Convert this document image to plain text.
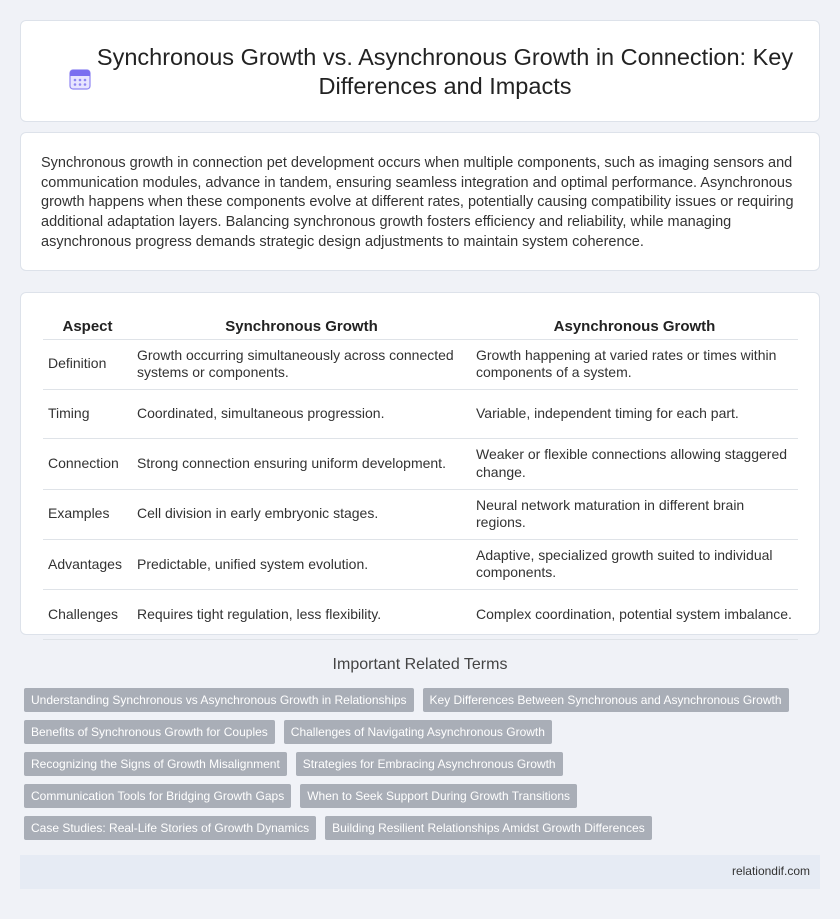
Synchronous Growth vs. Asynchronous Growth in Connection: Key Differences and Impacts

Synchronous growth in connection pet development occurs when multiple components, such as imaging sensors and communication modules, advance in tandem, ensuring seamless integration and optimal performance. Asynchronous growth happens when these components evolve at different rates, potentially causing compatibility issues or requiring additional adaptation layers. Balancing synchronous growth fosters efficiency and reliability, while managing asynchronous progress demands strategic design adjustments to maintain system coherence.

Aspect	Synchronous Growth	Asynchronous Growth
Definition	Growth occurring simultaneously across connected systems or components.	Growth happening at varied rates or times within components of a system.
Timing	Coordinated, simultaneous progression.	Variable, independent timing for each part.
Connection	Strong connection ensuring uniform development.	Weaker or flexible connections allowing staggered change.
Examples	Cell division in early embryonic stages.	Neural network maturation in different brain regions.
Advantages	Predictable, unified system evolution.	Adaptive, specialized growth suited to individual components.
Challenges	Requires tight regulation, less flexibility.	Complex coordination, potential system imbalance.
Important Related Terms
Understanding Synchronous vs Asynchronous Growth in Relationships	Key Differences Between Synchronous and Asynchronous Growth
Benefits of Synchronous Growth for Couples	Challenges of Navigating Asynchronous Growth
Recognizing the Signs of Growth Misalignment	Strategies for Embracing Asynchronous Growth
Communication Tools for Bridging Growth Gaps	When to Seek Support During Growth Transitions
Case Studies: Real-Life Stories of Growth Dynamics	Building Resilient Relationships Amidst Growth Differences
relationdif.com
